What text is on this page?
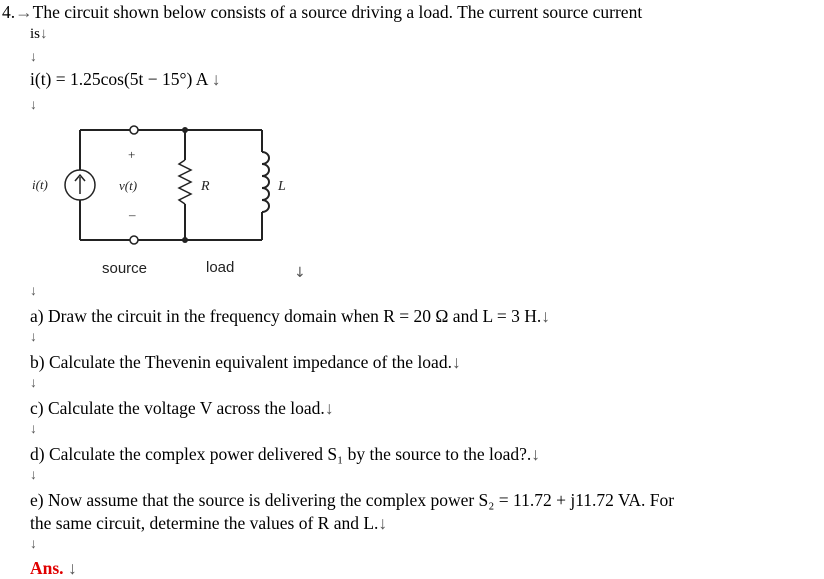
4.→The circuit shown below consists of a source driving a load. The current source current
is↓
↓
i(t) = 1.25cos(5t − 15°) A ↓
↓
i(t)
+
v(t)
–
R	L
source	load	↓
↓
a) Draw the circuit in the frequency domain when R = 20 Ω and L = 3 H.↓
↓
b) Calculate the Thevenin equivalent impedance of the load.↓
↓
c) Calculate the voltage V across the load.↓
↓
d) Calculate the complex power delivered S₁ by the source to the load?.↓
↓
e) Now assume that the source is delivering the complex power S₂ = 11.72 + j11.72 VA. For
the same circuit, determine the values of R and L.↓
↓
Ans. ↓
